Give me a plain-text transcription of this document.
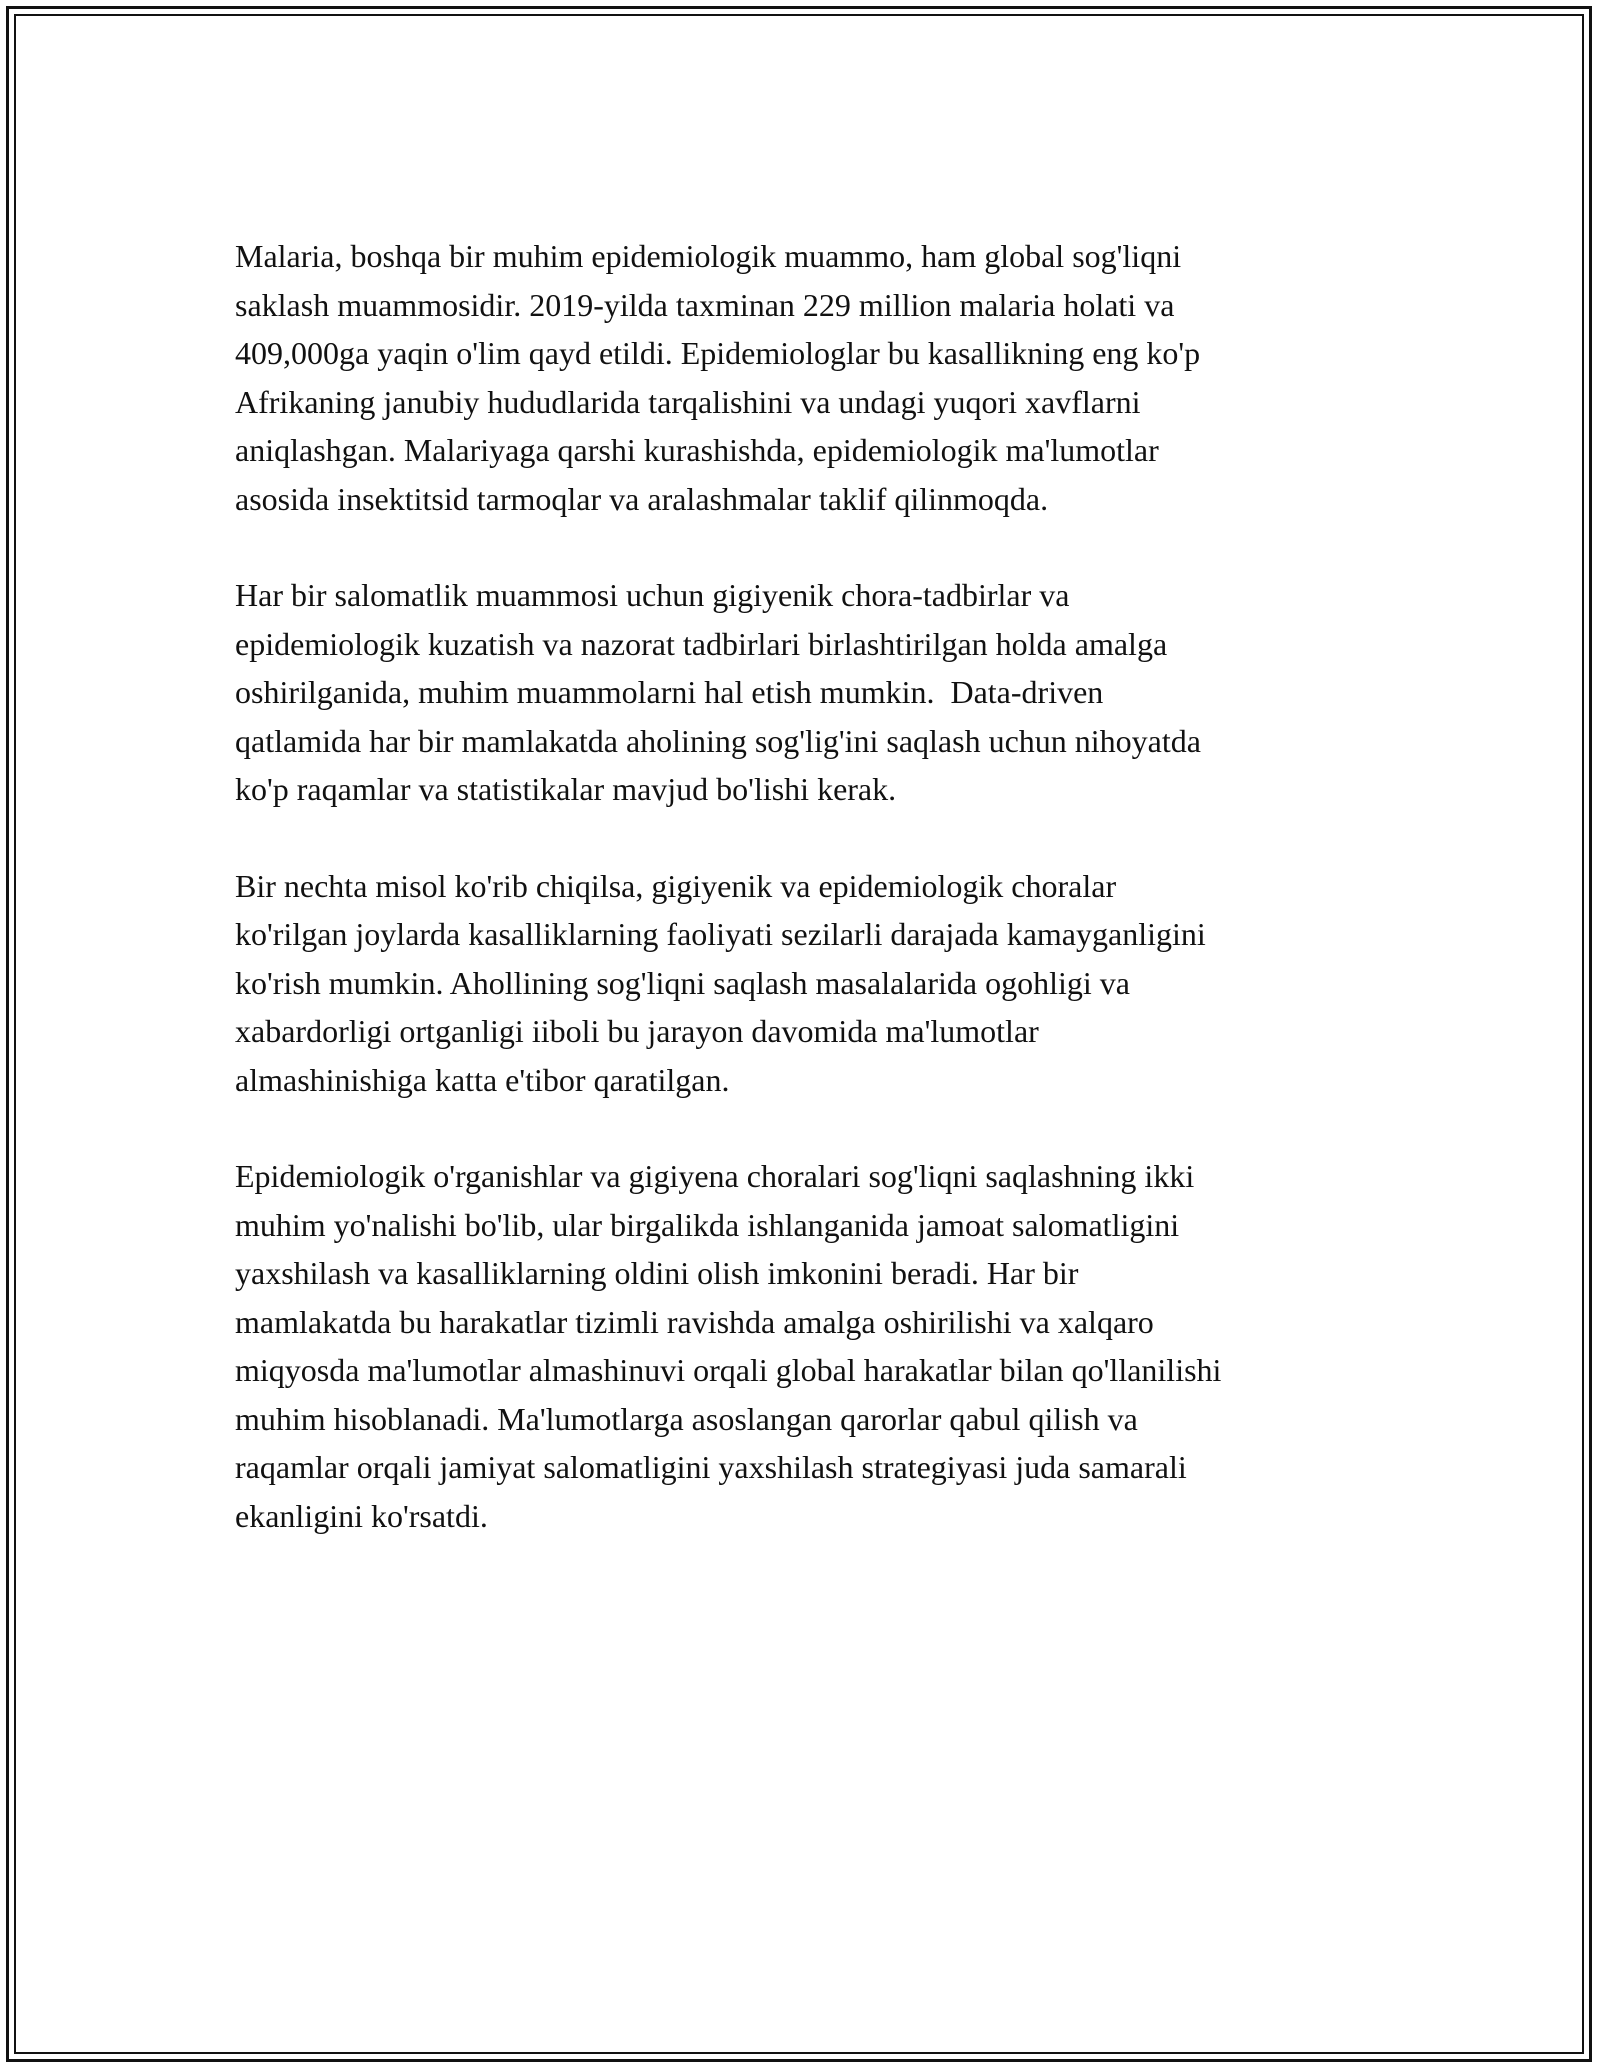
Malaria, boshqa bir muhim epidemiologik muammo, ham global sog'liqni
saklash muammosidir. 2019-yilda taxminan 229 million malaria holati va
409,000ga yaqin o'lim qayd etildi. Epidemiologlar bu kasallikning eng ko'p
Afrikaning janubiy hududlarida tarqalishini va undagi yuqori xavflarni
aniqlashgan. Malariyaga qarshi kurashishda, epidemiologik ma'lumotlar
asosida insektitsid tarmoqlar va aralashmalar taklif qilinmoqda.

Har bir salomatlik muammosi uchun gigiyenik chora-tadbirlar va
epidemiologik kuzatish va nazorat tadbirlari birlashtirilgan holda amalga
oshirilganida, muhim muammolarni hal etish mumkin.  Data-driven
qatlamida har bir mamlakatda aholining sog'lig'ini saqlash uchun nihoyatda
ko'p raqamlar va statistikalar mavjud bo'lishi kerak.

Bir nechta misol ko'rib chiqilsa, gigiyenik va epidemiologik choralar
ko'rilgan joylarda kasalliklarning faoliyati sezilarli darajada kamayganligini
ko'rish mumkin. Ahollining sog'liqni saqlash masalalarida ogohligi va
xabardorligi ortganligi iiboli bu jarayon davomida ma'lumotlar
almashinishiga katta e'tibor qaratilgan.

Epidemiologik o'rganishlar va gigiyena choralari sog'liqni saqlashning ikki
muhim yo'nalishi bo'lib, ular birgalikda ishlanganida jamoat salomatligini
yaxshilash va kasalliklarning oldini olish imkonini beradi. Har bir
mamlakatda bu harakatlar tizimli ravishda amalga oshirilishi va xalqaro
miqyosda ma'lumotlar almashinuvi orqali global harakatlar bilan qo'llanilishi
muhim hisoblanadi. Ma'lumotlarga asoslangan qarorlar qabul qilish va
raqamlar orqali jamiyat salomatligini yaxshilash strategiyasi juda samarali
ekanligini ko'rsatdi.
